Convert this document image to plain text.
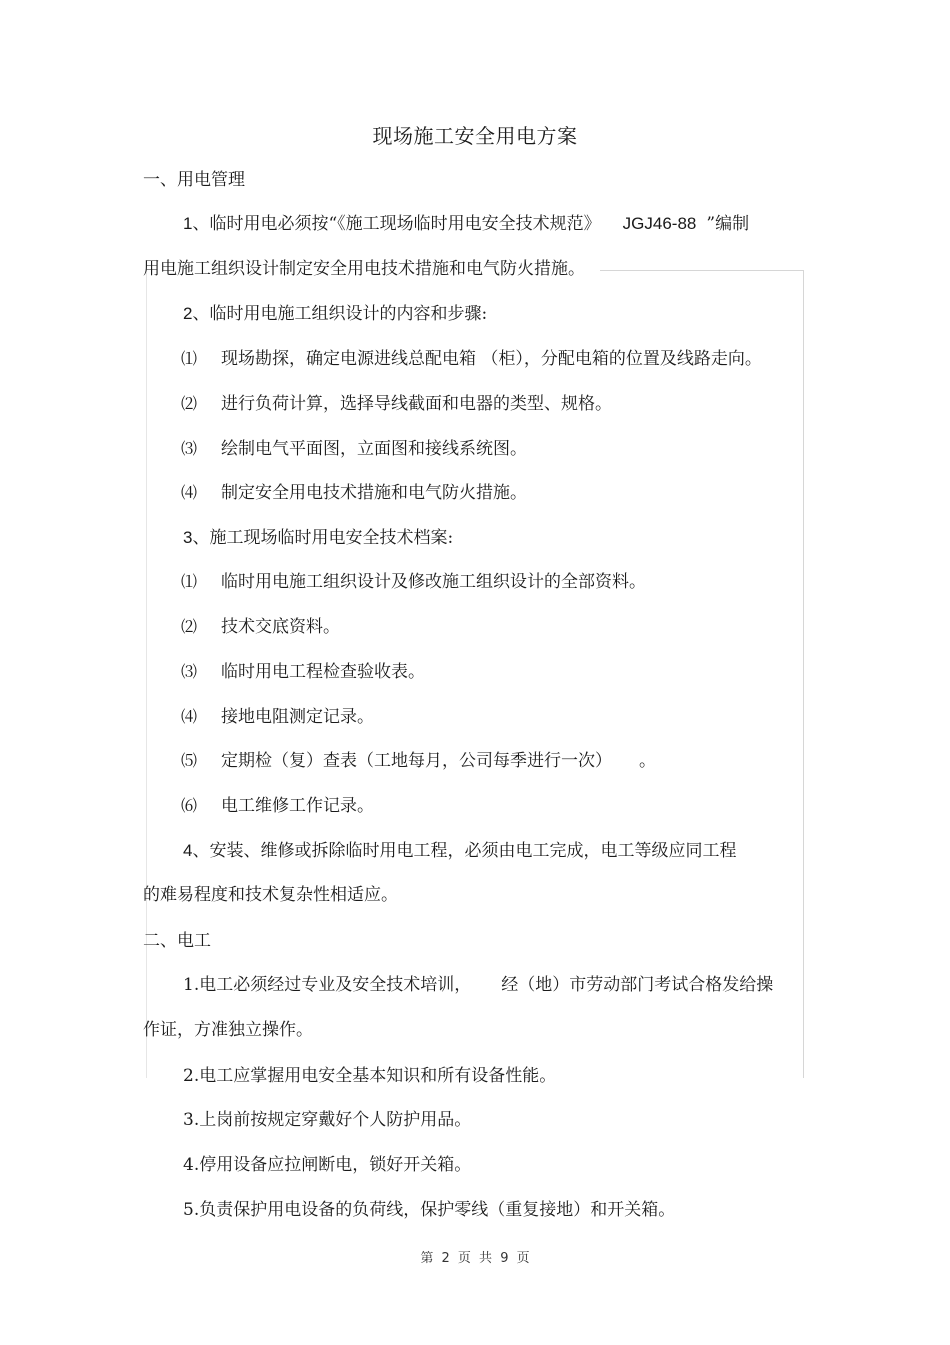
现场施工安全用电方案
一、用电管理
1、临时用电必须按“《施工现场临时用电安全技术规范》 JGJ46-88 ”编制
用电施工组织设计制定安全用电技术措施和电气防火措施。
2、临时用电施工组织设计的内容和步骤:
⑴ 现场勘探，确定电源进线总配电箱 （柜），分配电箱的位置及线路走向。
⑵ 进行负荷计算，选择导线截面和电器的类型、规格。
⑶ 绘制电气平面图，立面图和接线系统图。
⑷ 制定安全用电技术措施和电气防火措施。
3、施工现场临时用电安全技术档案:
⑴ 临时用电施工组织设计及修改施工组织设计的全部资料。
⑵ 技术交底资料。
⑶ 临时用电工程检查验收表。
⑷ 接地电阻测定记录。
⑸ 定期检（复）查表（工地每月，公司每季进行一次）     。
⑹ 电工维修工作记录。
4、安装、维修或拆除临时用电工程，必须由电工完成，电工等级应同工程
的难易程度和技术复杂性相适应。
二、电工
1.电工必须经过专业及安全技术培训， 经（地）市劳动部门考试合格发给操
作证，方准独立操作。
2.电工应掌握用电安全基本知识和所有设备性能。
3.上岗前按规定穿戴好个人防护用品。
4.停用设备应拉闸断电，锁好开关箱。
5.负责保护用电设备的负荷线，保护零线（重复接地）和开关箱。
第 2 页 共 9 页
